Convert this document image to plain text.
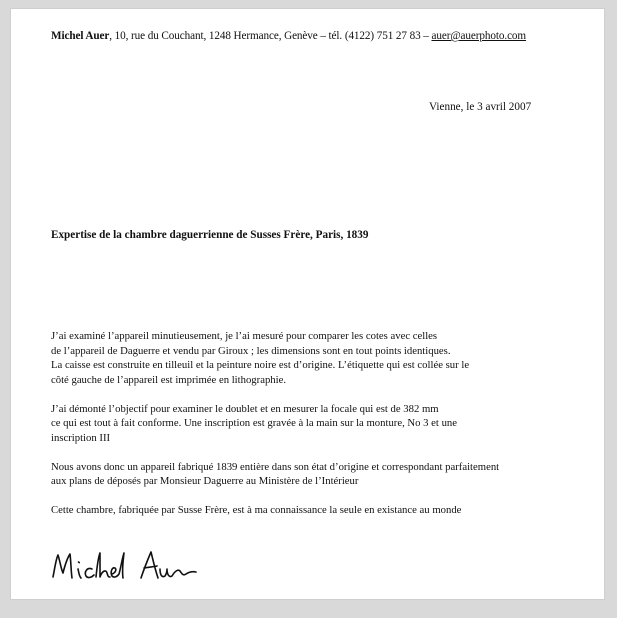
Michel Auer, 10, rue du Couchant, 1248 Hermance, Genève – tél. (4122) 751 27 83 – auer@auerphoto.com
Vienne, le 3 avril 2007
Expertise de la chambre daguerrienne de Susses Frère, Paris, 1839

J’ai examiné l’appareil minutieusement, je l’ai mesuré pour comparer les cotes avec celles
de l’appareil de Daguerre et vendu par Giroux ; les dimensions sont en tout points identiques.
La caisse est construite en tilleuil et la peinture noire est d’origine. L’étiquette qui est collée sur le
côté gauche de l’appareil est imprimée en lithographie.

J’ai démonté l’objectif pour examiner le doublet et en mesurer la focale qui est de 382 mm
ce qui est tout à fait conforme. Une inscription est gravée à la main sur la monture, No 3 et une
inscription III

Nous avons donc un appareil fabriqué 1839 entière dans son état d’origine et correspondant parfaitement
aux plans de déposés par Monsieur Daguerre au Ministère de l’Intérieur

Cette chambre, fabriquée par Susse Frère, est à ma connaissance la seule en existance au monde
